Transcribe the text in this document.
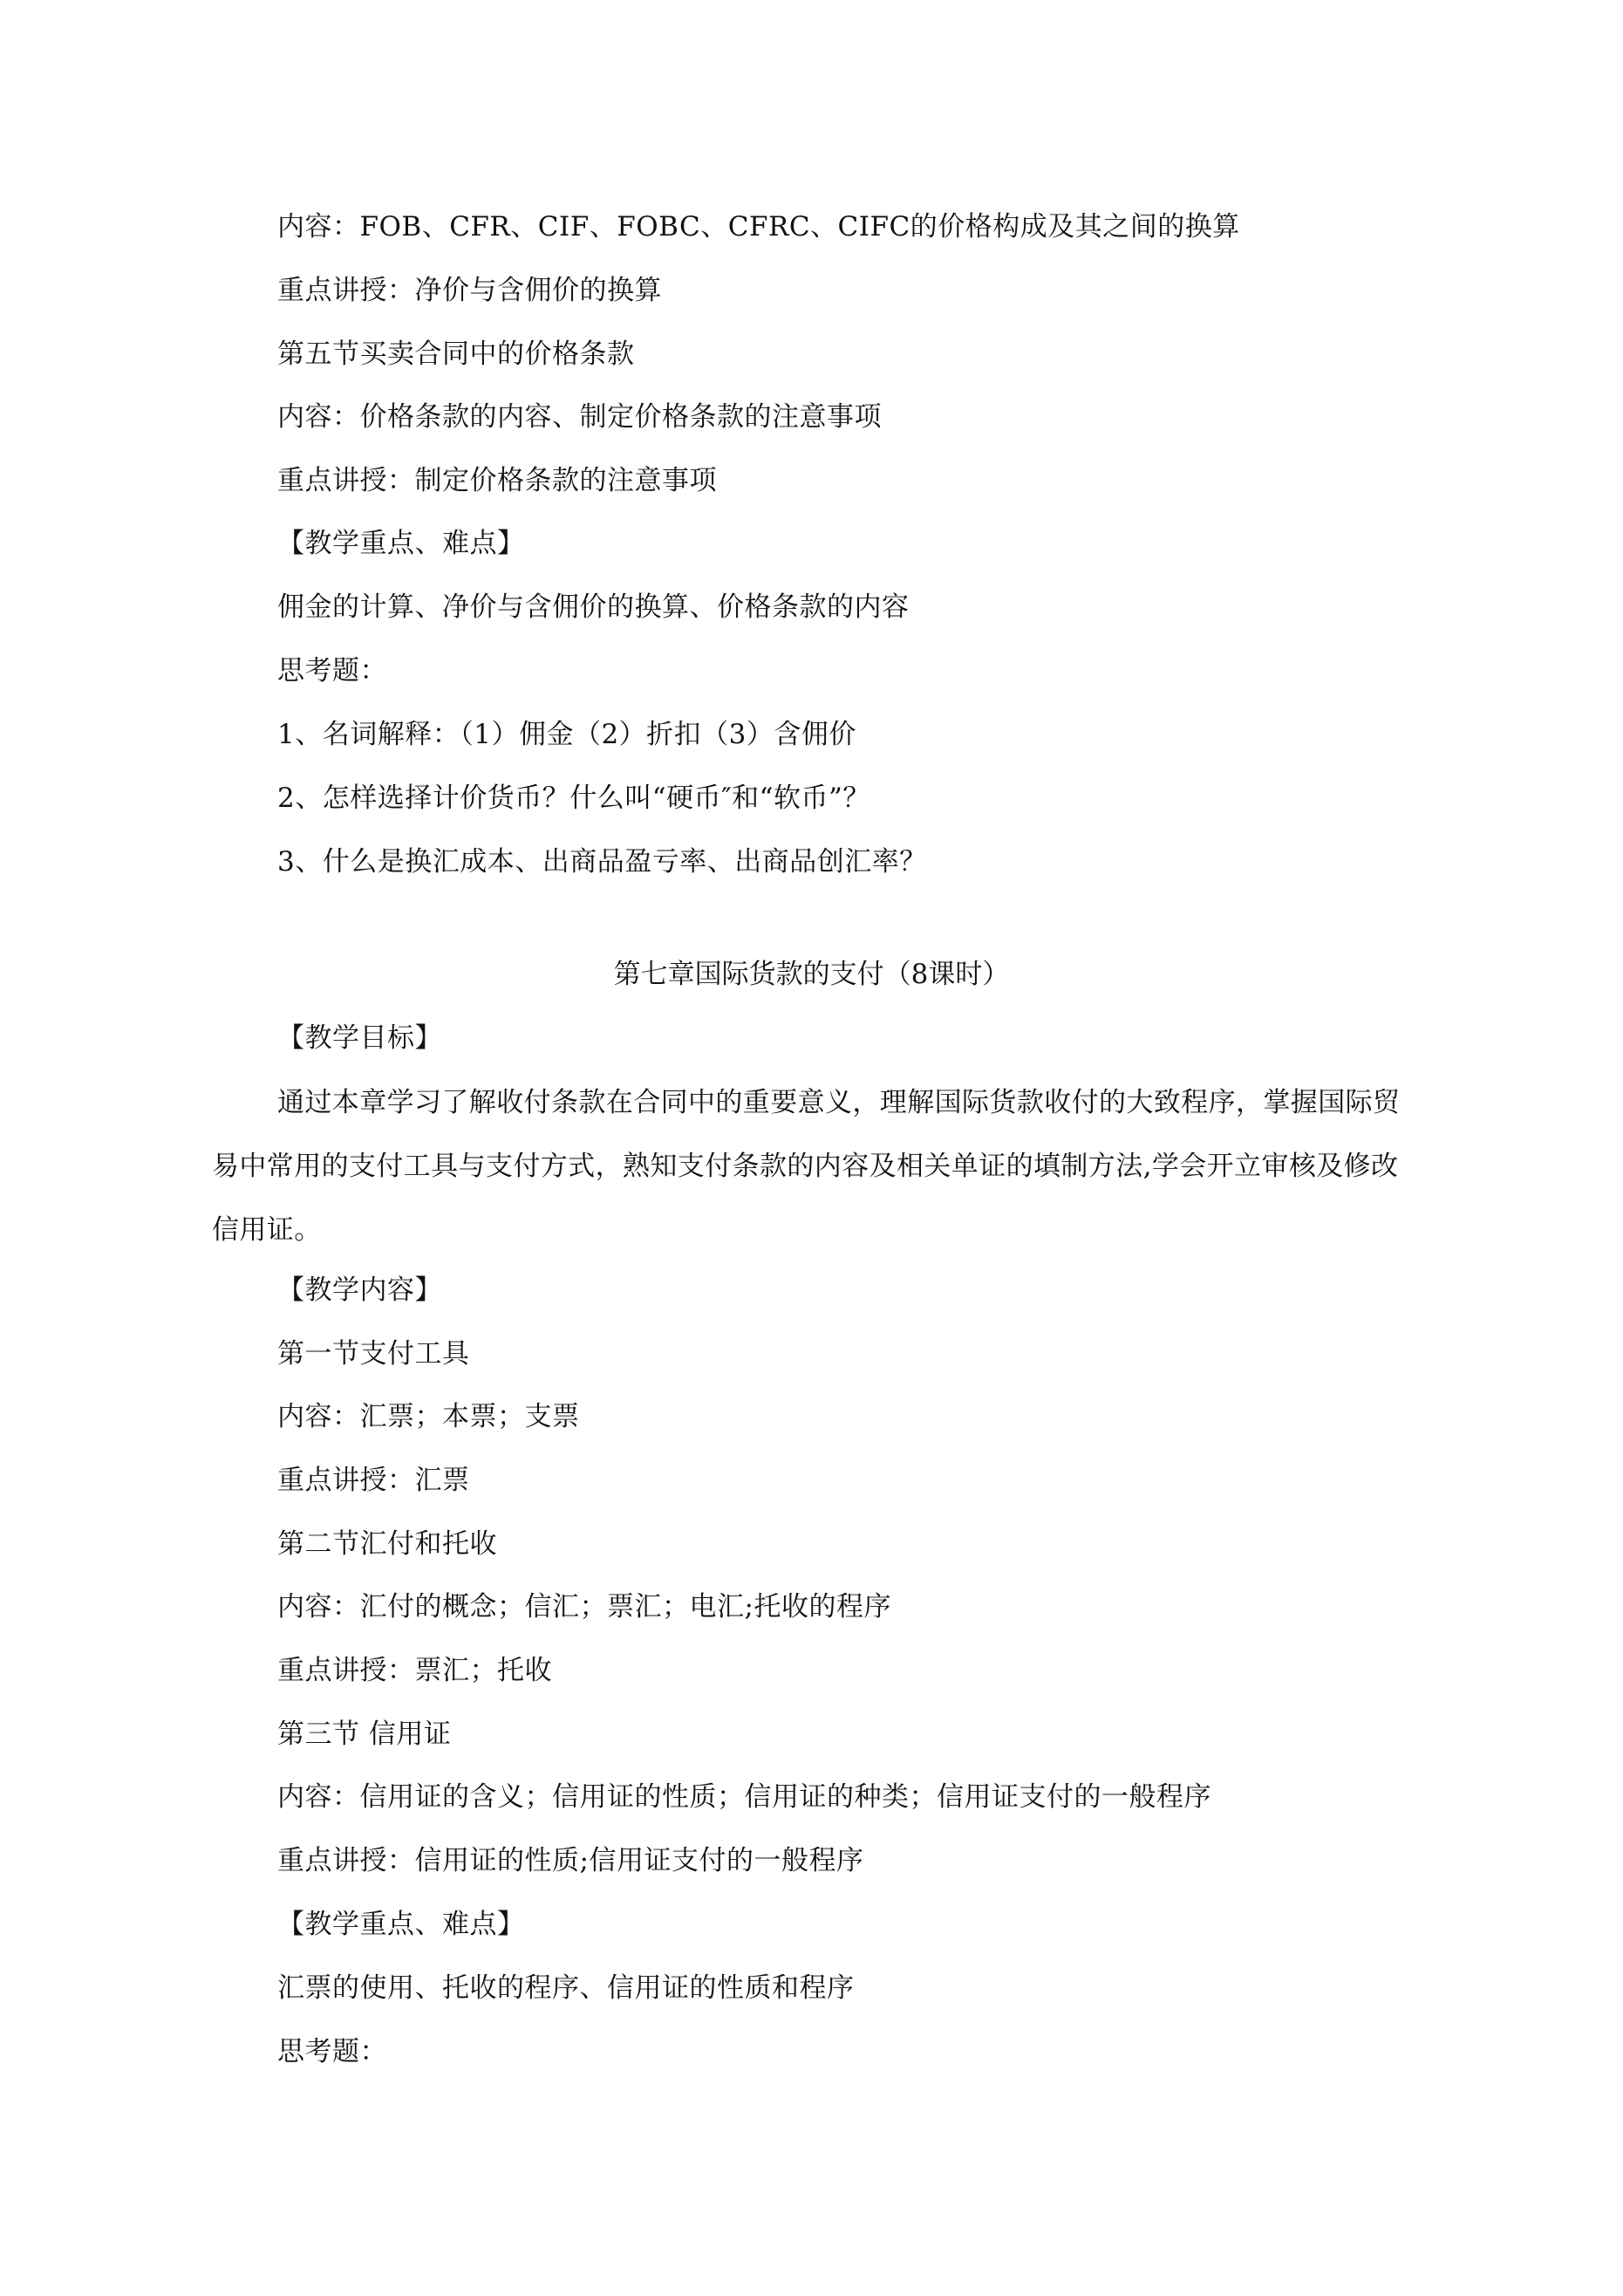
内容：FOB、CFR、CIF、FOBC、CFRC、CIFC的价格构成及其之间的换算
重点讲授：净价与含佣价的换算
第五节买卖合同中的价格条款
内容：价格条款的内容、制定价格条款的注意事项
重点讲授：制定价格条款的注意事项
【教学重点、难点】
佣金的计算、净价与含佣价的换算、价格条款的内容
思考题：
1、名词解释：（1）佣金（2）折扣（3）含佣价
2、怎样选择计价货币？什么叫“硬币″和“软币”？
3、什么是换汇成本、出商品盈亏率、出商品创汇率？
第七章国际货款的支付（8课时）
【教学目标】
通过本章学习了解收付条款在合同中的重要意义，理解国际货款收付的大致程序，掌握国际贸易中常用的支付工具与支付方式，熟知支付条款的内容及相关单证的填制方法,学会开立审核及修改信用证。
【教学内容】
第一节支付工具
内容：汇票；本票；支票
重点讲授：汇票
第二节汇付和托收
内容：汇付的概念；信汇；票汇；电汇;托收的程序
重点讲授：票汇；托收
第三节 信用证
内容：信用证的含义；信用证的性质；信用证的种类；信用证支付的一般程序
重点讲授：信用证的性质;信用证支付的一般程序
【教学重点、难点】
汇票的使用、托收的程序、信用证的性质和程序
思考题：
